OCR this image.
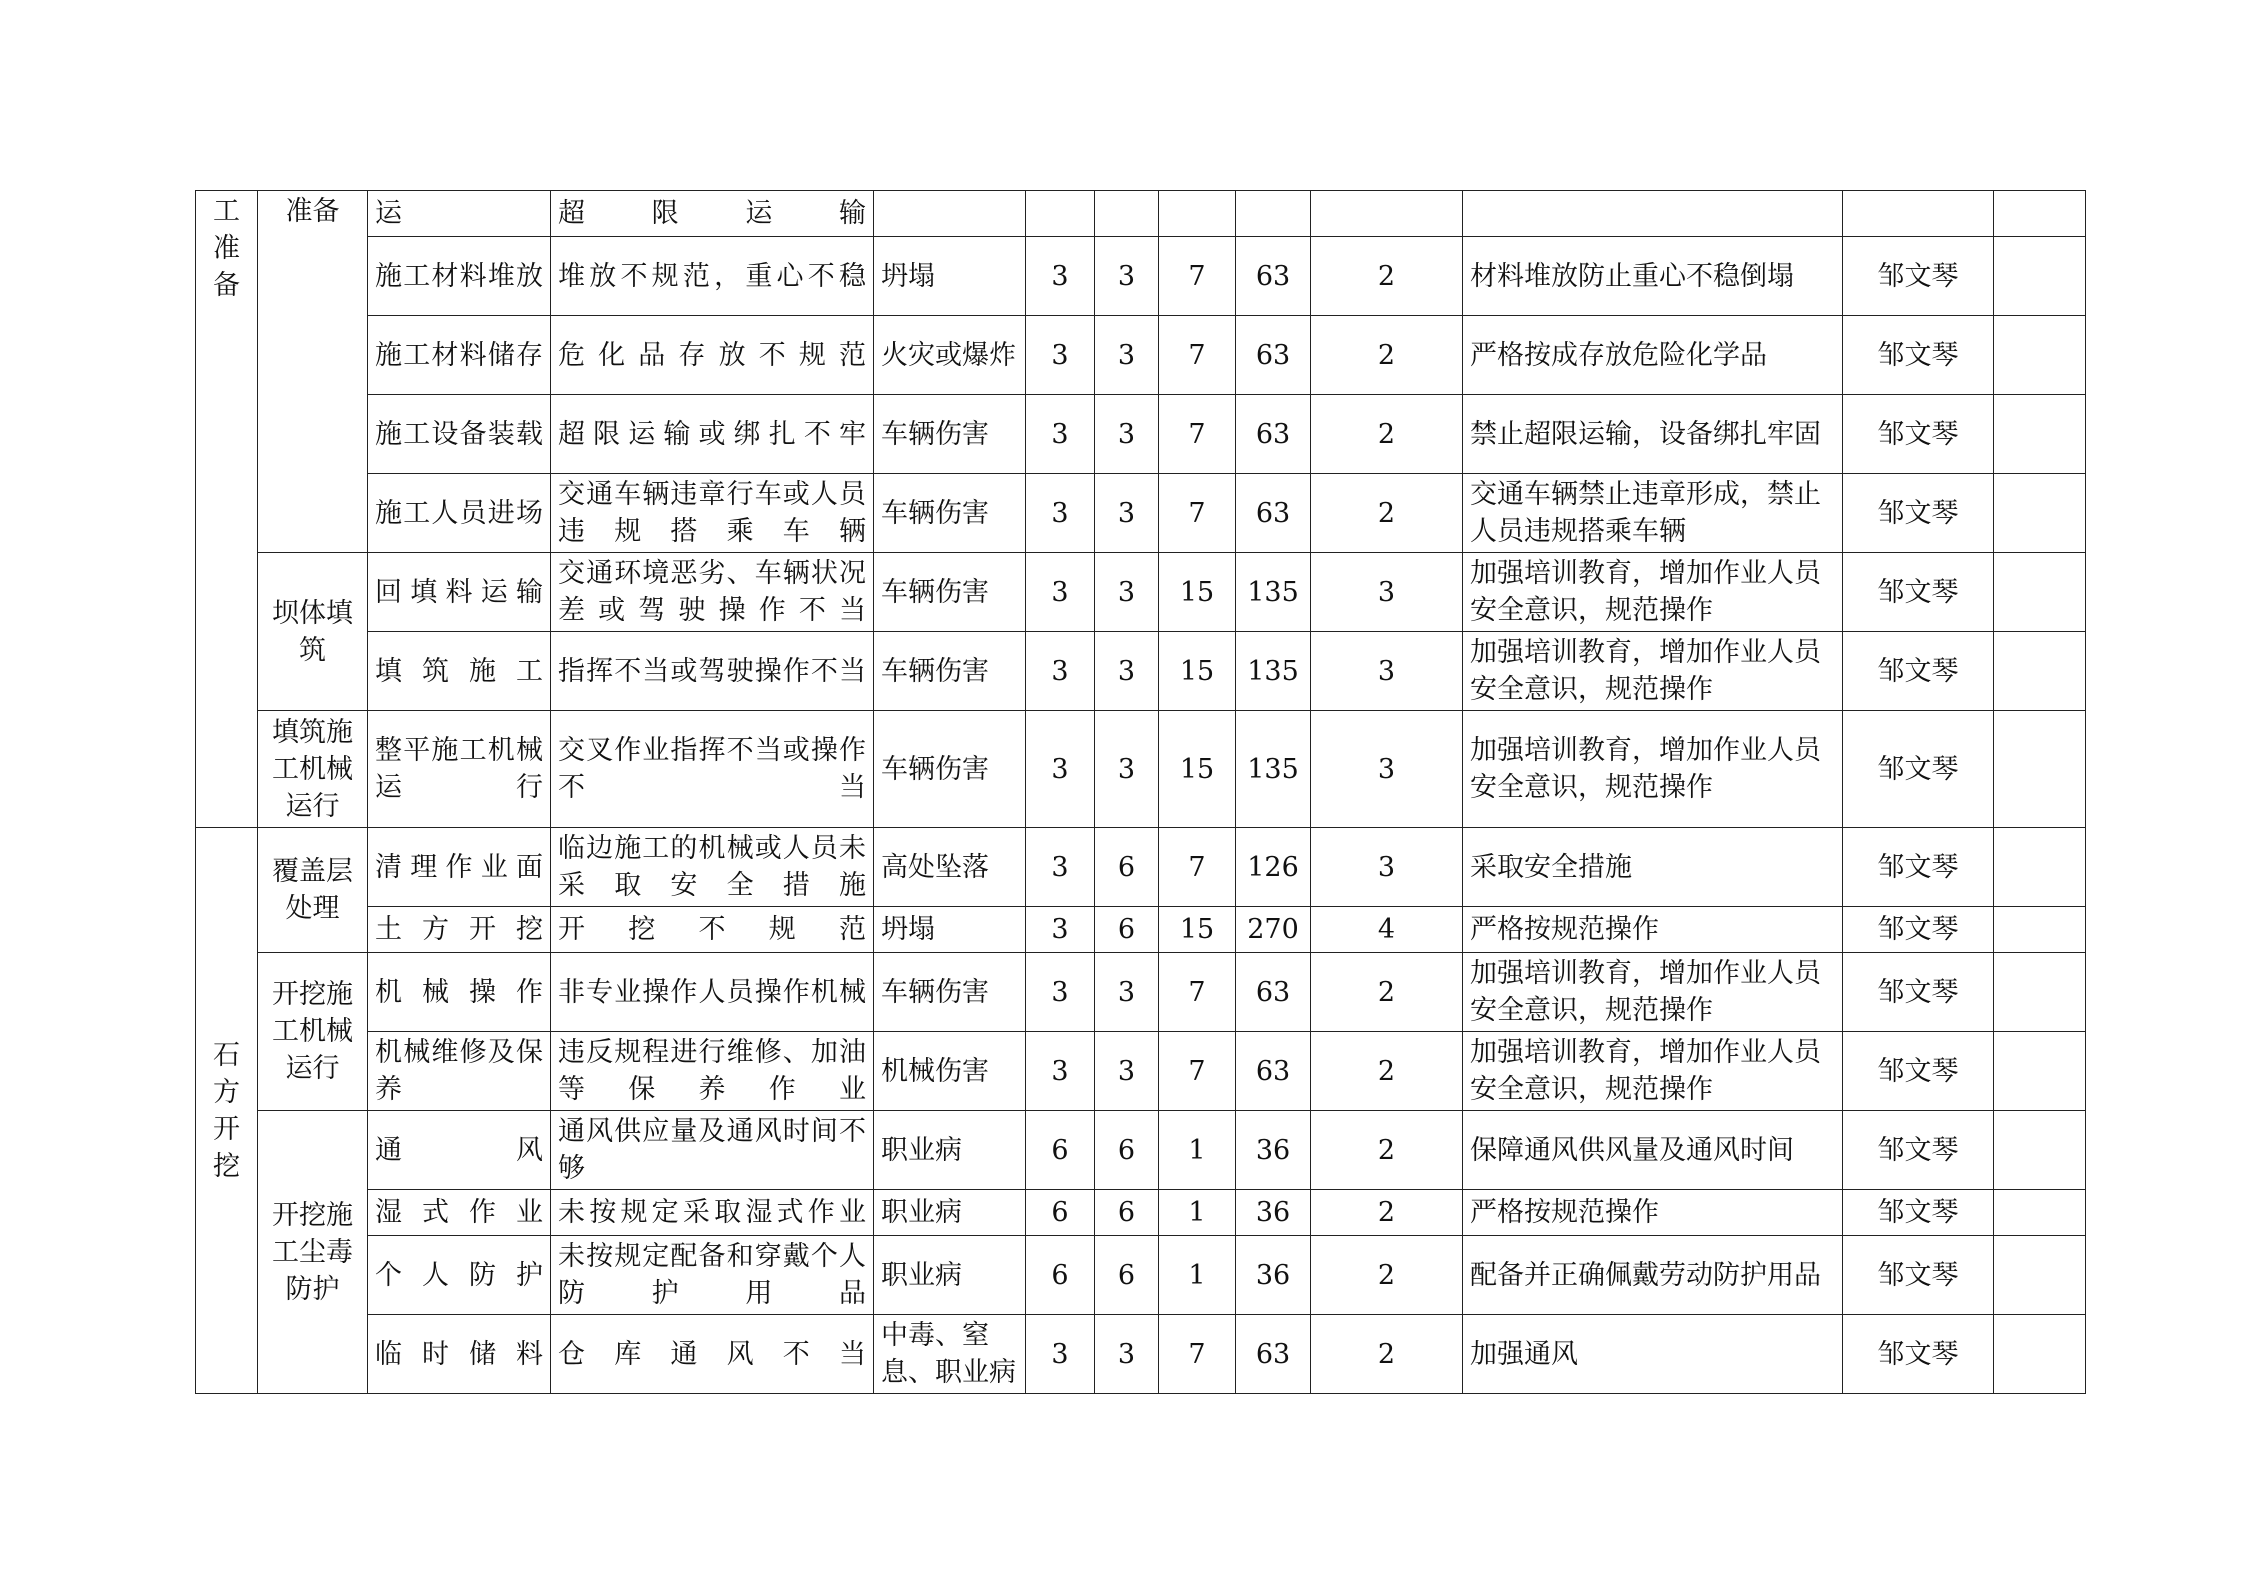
工准备	准备	运	超限运输									
		施工材料堆放	堆放不规范，重心不稳	坍塌	3	3	7	63	2	材料堆放防止重心不稳倒塌	邹文琴	
		施工材料储存	危化品存放不规范	火灾或爆炸	3	3	7	63	2	严格按成存放危险化学品	邹文琴	
		施工设备装载	超限运输或绑扎不牢	车辆伤害	3	3	7	63	2	禁止超限运输，设备绑扎牢固	邹文琴	
		施工人员进场	交通车辆违章行车或人员违规搭乘车辆	车辆伤害	3	3	7	63	2	交通车辆禁止违章形成，禁止人员违规搭乘车辆	邹文琴	
	坝体填筑	回填料运输	交通环境恶劣、车辆状况差或驾驶操作不当	车辆伤害	3	3	15	135	3	加强培训教育，增加作业人员安全意识，规范操作	邹文琴	
		填筑施工	指挥不当或驾驶操作不当	车辆伤害	3	3	15	135	3	加强培训教育，增加作业人员安全意识，规范操作	邹文琴	
	填筑施工机械运行	整平施工机械运行	交叉作业指挥不当或操作不当	车辆伤害	3	3	15	135	3	加强培训教育，增加作业人员安全意识，规范操作	邹文琴	

石方开挖	覆盖层处理	清理作业面	临边施工的机械或人员未采取安全措施	高处坠落	3	6	7	126	3	采取安全措施	邹文琴	
		土方开挖	开挖不规范	坍塌	3	6	15	270	4	严格按规范操作	邹文琴	
	开挖施工机械运行	机械操作	非专业操作人员操作机械	车辆伤害	3	3	7	63	2	加强培训教育，增加作业人员安全意识，规范操作	邹文琴	
		机械维修及保养	违反规程进行维修、加油等保养作业	机械伤害	3	3	7	63	2	加强培训教育，增加作业人员安全意识，规范操作	邹文琴	
	开挖施工尘毒防护	通风	通风供应量及通风时间不够	职业病	6	6	1	36	2	保障通风供风量及通风时间	邹文琴	
		湿式作业	未按规定采取湿式作业	职业病	6	6	1	36	2	严格按规范操作	邹文琴	
		个人防护	未按规定配备和穿戴个人防护用品	职业病	6	6	1	36	2	配备并正确佩戴劳动防护用品	邹文琴	
		临时储料	仓库通风不当	中毒、窒息、职业病	3	3	7	63	2	加强通风	邹文琴	
